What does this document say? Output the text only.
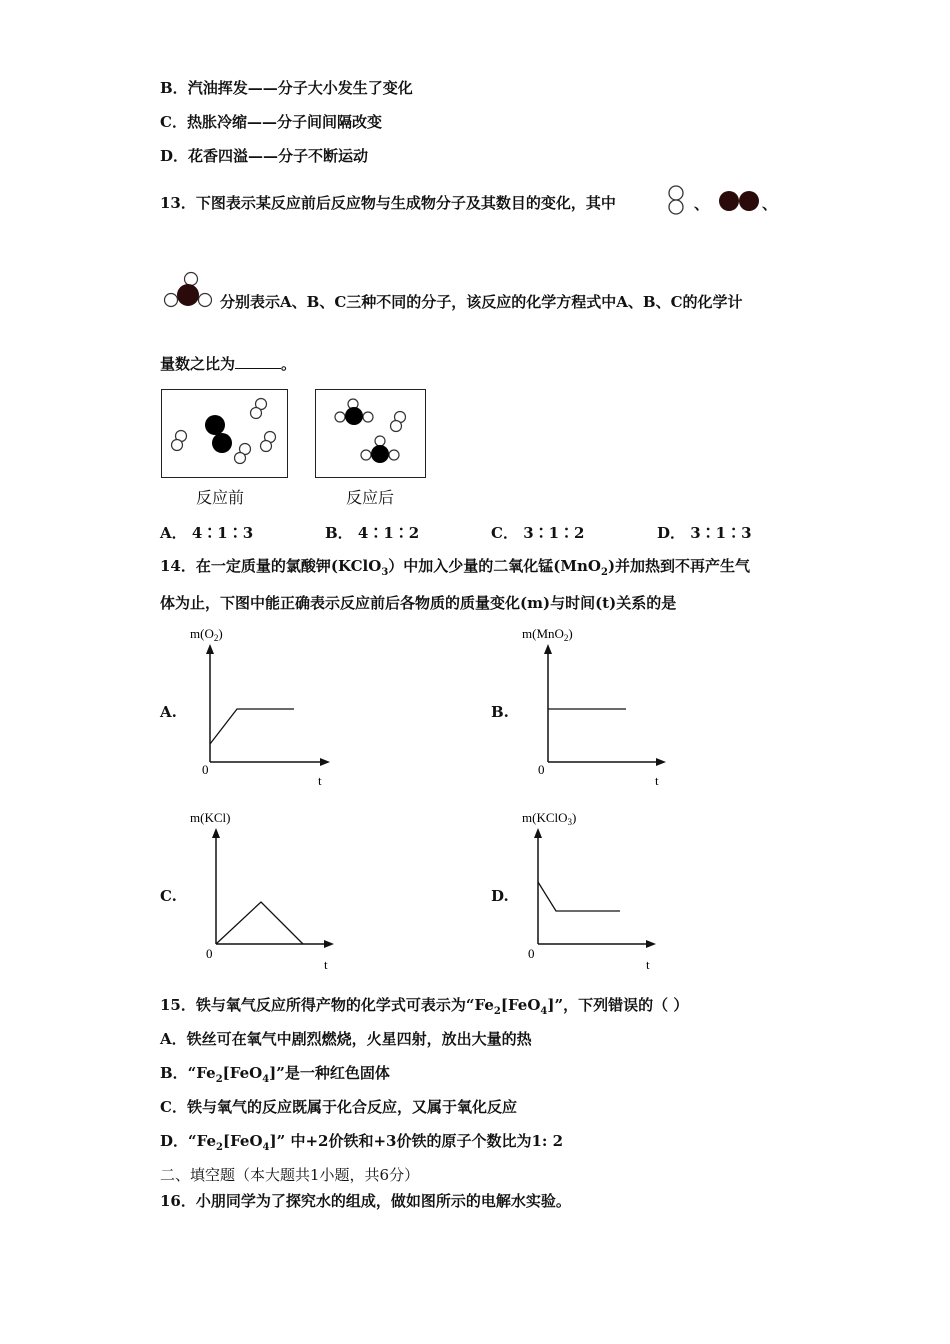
B．汽油挥发——分子大小发生了变化
C．热胀冷缩——分子间间隔改变
D．花香四溢——分子不断运动
13．下图表示某反应前后反应物与生成物分子及其数目的变化，其中	、	、
分别表示A、B、C三种不同的分子，该反应的化学方程式中A、B、C的化学计
量数之比为	。
反应前	反应后
A． 4∶1∶3	B． 4∶1∶2	C． 3∶1∶2	D． 3∶1∶3
14．在一定质量的氯酸钾(KClO$_3$）中加入少量的二氧化锰(MnO$_2$)并加热到不再产生气
体为止，下图中能正确表示反应前后各物质的质量变化(m)与时间(t)关系的是
A.
$m(O_2)$
0
t
B.
m(MnO$_2$)
0
t
C.
m(KCl)
0
t
D.
m(KClO$_3$)
0
t
15．铁与氧气反应所得产物的化学式可表示为“$Fe_2[FeO_4]$”，下列错误的（ ）
A．铁丝可在氧气中剧烈燃烧，火星四射，放出大量的热
B．“$Fe_2[FeO_4]$”是一种红色固体
C．铁与氧气的反应既属于化合反应，又属于氧化反应
D．“$Fe_2[FeO_4]$” 中+2价铁和+3价铁的原子个数比为1: 2
二、填空题（本大题共1小题，共6分）
16．小朋同学为了探究水的组成，做如图所示的电解水实验。
